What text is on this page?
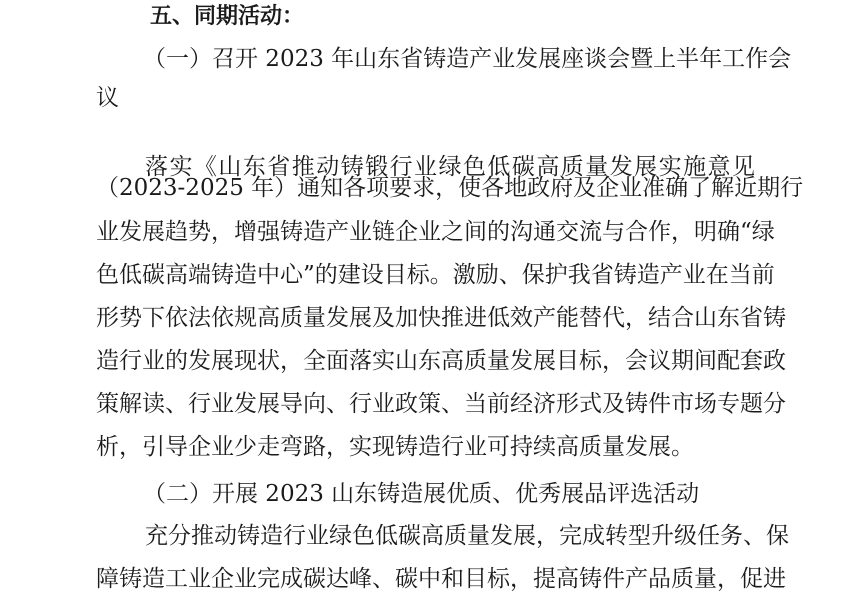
五、同期活动：
（一）召开 2023 年山东省铸造产业发展座谈会暨上半年工作会
议
落实《山东省推动铸锻行业绿色低碳高质量发展实施意见
（2023-2025 年）通知各项要求，使各地政府及企业准确了解近期行
业发展趋势，增强铸造产业链企业之间的沟通交流与合作，明确“绿
色低碳高端铸造中心”的建设目标。激励、保护我省铸造产业在当前
形势下依法依规高质量发展及加快推进低效产能替代，结合山东省铸
造行业的发展现状，全面落实山东高质量发展目标，会议期间配套政
策解读、行业发展导向、行业政策、当前经济形式及铸件市场专题分
析，引导企业少走弯路，实现铸造行业可持续高质量发展。
（二）开展 2023 山东铸造展优质、优秀展品评选活动
充分推动铸造行业绿色低碳高质量发展，完成转型升级任务、保
障铸造工业企业完成碳达峰、碳中和目标，提高铸件产品质量，促进
